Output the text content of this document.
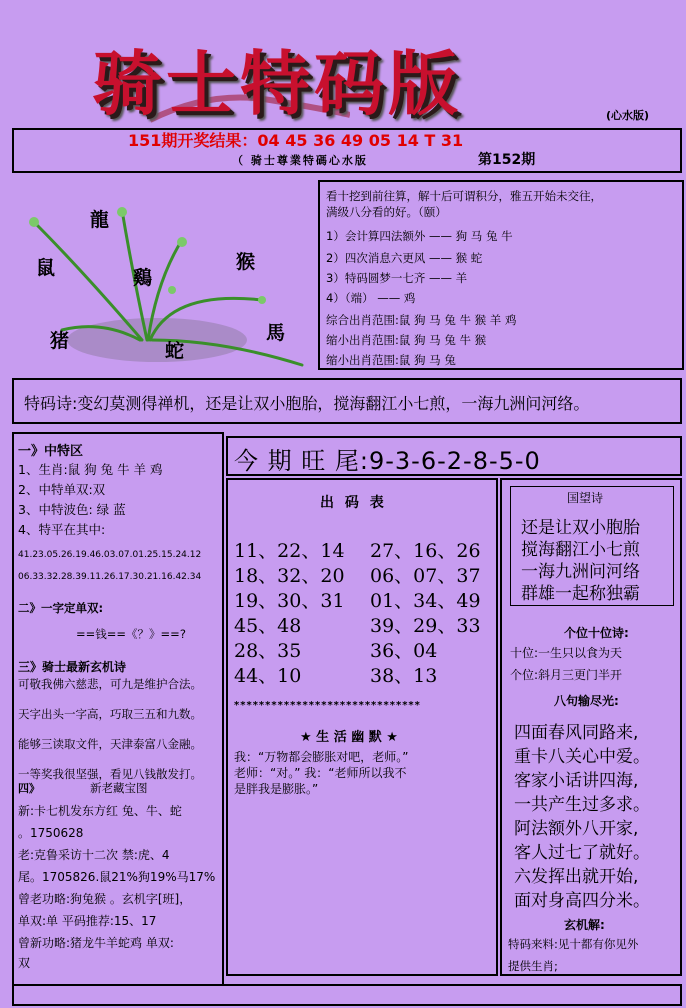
骑士特码版	(心水版)
151期开奖结果：04 45 36 49 05 14 T 31
（ 骑士尊業特碼心水版	第152期
龍
鼠	鷄
猴
猪	蛇
馬
看十挖到前往算，解十后可谓积分，雅五开始未交往，
满级八分看的好。（颐）
1）会计算四法额外 —— 狗 马 兔 牛
2）四次消息六更风 —— 猴 蛇
3）特码圆梦一七齐 —— 羊
4）（端） —— 鸡
综合出肖范围:鼠 狗 马 兔 牛 猴 羊 鸡
缩小出肖范围:鼠 狗 马 兔 牛 猴
缩小出肖范围:鼠 狗 马 兔
特码诗:变幻莫测得禅机，还是让双小胞胎，搅海翻江小七煎，一海九洲问河络。
一》中特区
1、生肖:鼠 狗 兔 牛 羊 鸡
2、中特单双:双
3、中特波色: 绿 蓝
4、特平在其中:
41.23.05.26.19.46.03.07.01.25.15.24.12
06.33.32.28.39.11.26.17.30.21.16.42.34
二》一字定单双:
==钱==《？》==?
三》骑士最新玄机诗
可敬我佛六慈悲，可九是维护合法。
天字出头一字高，巧取三五和九数。
能够三读取文件，天津泰富八金融。
一等奖我很坚强，看见八钱散发打。
四》	新老藏宝图
新:卡七机发东方红 兔、牛、蛇
。1750628
老:克鲁采访十二次 禁:虎、4
尾。1705826.鼠21%狗19%马17%
曾老功略:狗兔猴 。玄机字[班]，
单双:单 平码推荐:15、17
曾新功略:猪龙牛羊蛇鸡 单双:
双
今 期 旺 尾:9-3-6-2-8-5-0
出 码 表
11、22、14 27、16、26
18、32、20 06、07、37
19、30、31 01、34、49
45、48	39、29、33
28、35	36、04
44、10	38、13
******************************
★ 生 活 幽 默 ★
我：“万物都会膨胀对吧，老师。”
老师：“对。” 我：“老师所以我不
是胖我是膨胀。”
国望诗
还是让双小胞胎
搅海翻江小七煎
一海九洲问河络
群雄一起称独霸
个位十位诗:
十位:一生只以食为天
个位:斜月三更门半开
八句输尽光:
四面春风同路来,
重卡八关心中爱。
客家小话讲四海,
一共产生过多求。
阿法额外八开家,
客人过七了就好。
六发挥出就开始,
面对身高四分米。
玄机解:
特码来料:见十都有你见外
提供生肖;
